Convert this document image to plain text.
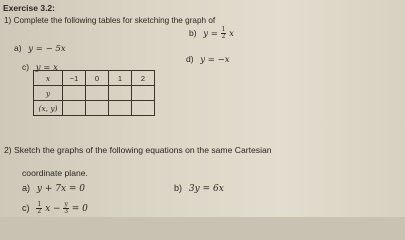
Exercise 3.2:
1) Complete the following tables for sketching the graph of
a) y = − 5x
b) $y = \frac{1}{2}$ x
d) y = −x
c) y = x
x	−1	0	1	2
y				
(x, y)				
2) Sketch the graphs of the following equations on the same Cartesian
coordinate plane.
a) y + 7x = 0	b) 3y = 6x
$c) \frac{1}{2}$ $x - \frac{y}{3} = 0$
